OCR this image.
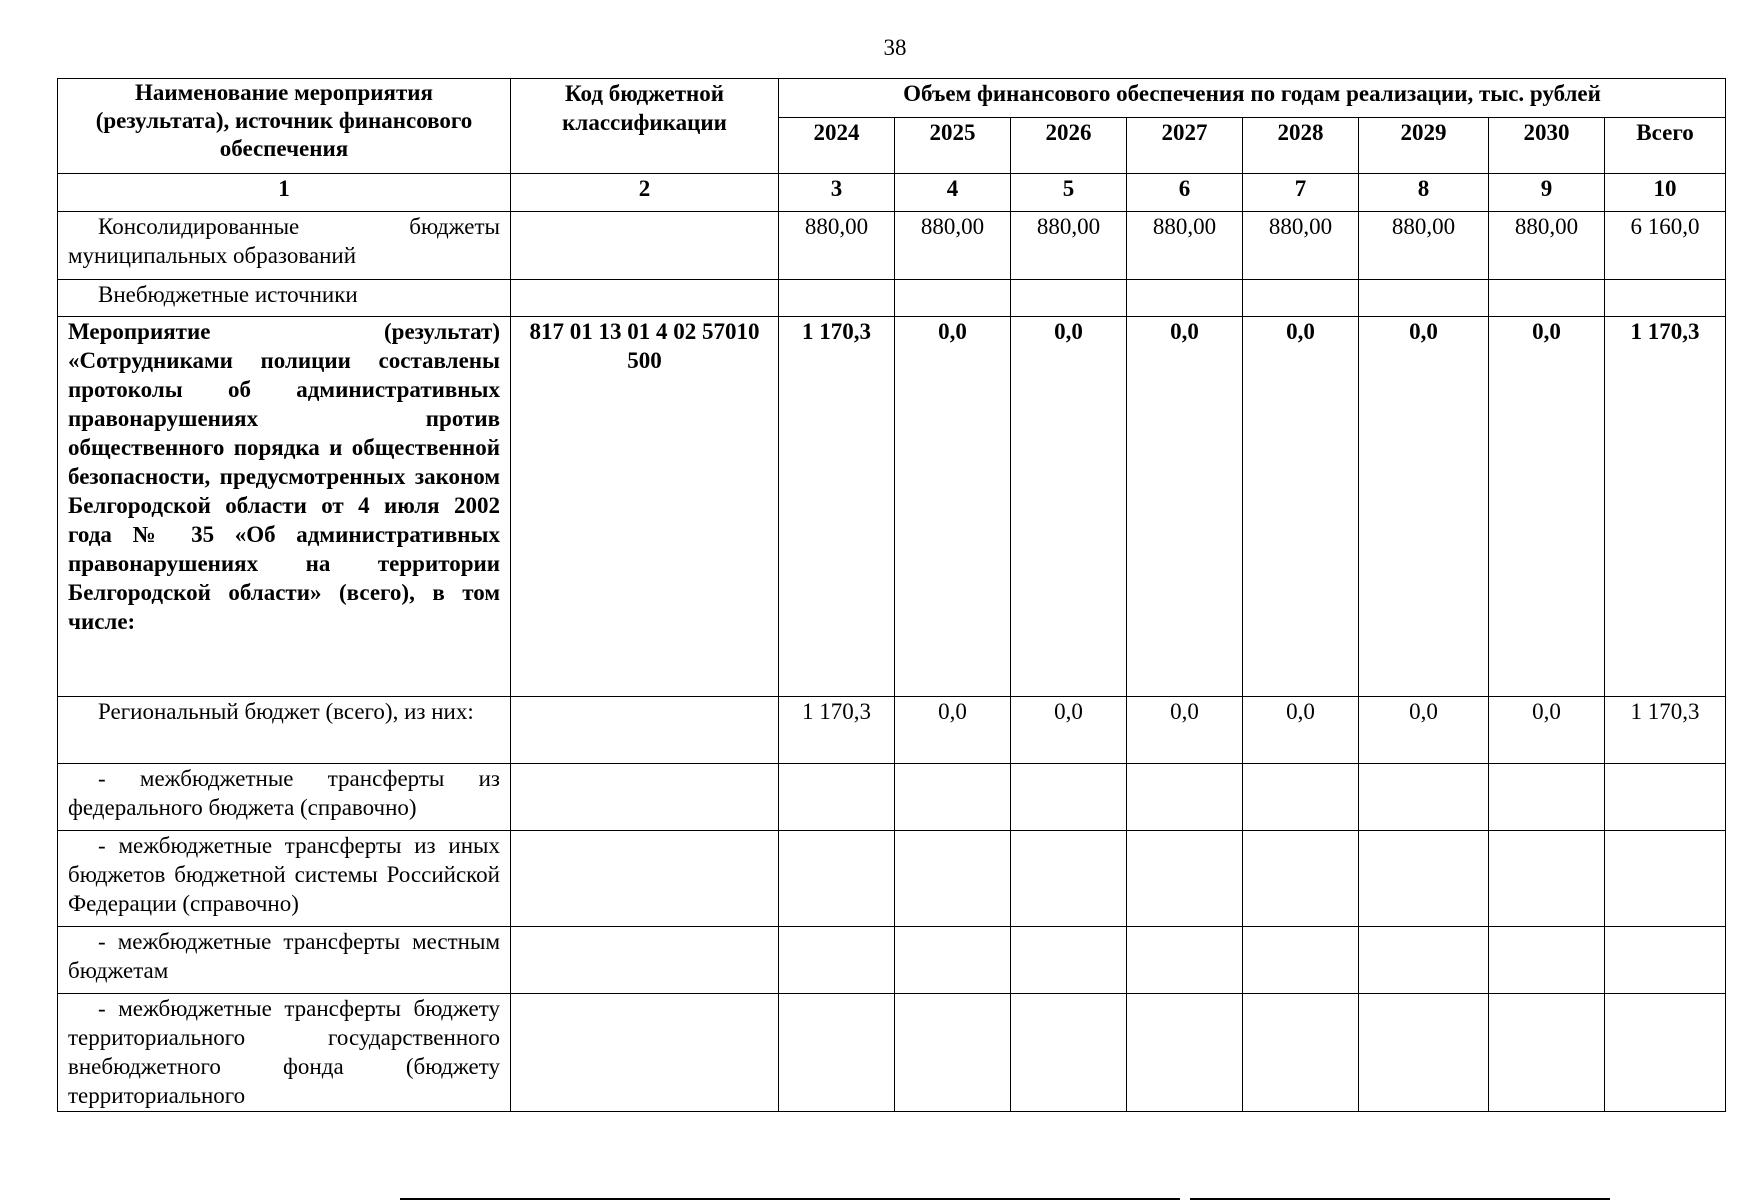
38
Наименование мероприятия (результата), источник финансового обеспечения	Код бюджетной классификации	Объем финансового обеспечения по годам реализации, тыс. рублей							
		2024	2025	2026	2027	2028	2029	2030	Всего
1	2	3	4	5	6	7	8	9	10
Консолидированные бюджеты муниципальных образований		880,00	880,00	880,00	880,00	880,00	880,00	880,00	6 160,0
Внебюджетные источники									
Мероприятие (результат) «Сотрудниками полиции составлены протоколы об административных правонарушениях против общественного порядка и общественной безопасности, предусмотренных законом Белгородской области от 4 июля 2002 года № 35 «Об административных правонарушениях на территории Белгородской области» (всего), в том числе:	817 01 13 01 4 02 57010 500	1 170,3	0,0	0,0	0,0	0,0	0,0	0,0	1 170,3
Региональный бюджет (всего), из них:		1 170,3	0,0	0,0	0,0	0,0	0,0	0,0	1 170,3
- межбюджетные трансферты из федерального бюджета (справочно)									
- межбюджетные трансферты из иных бюджетов бюджетной системы Российской Федерации (справочно)									
- межбюджетные трансферты местным бюджетам									
- межбюджетные трансферты бюджету территориального государственного внебюджетного фонда (бюджету территориального									
